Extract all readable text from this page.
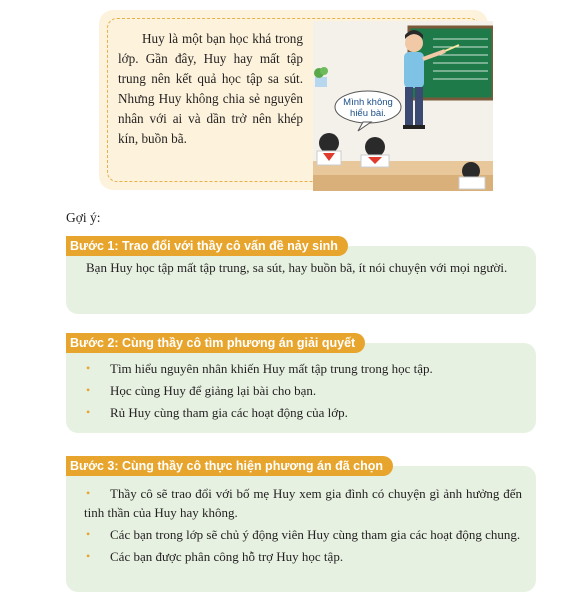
Huy là một bạn học khá trong lớp. Gần đây, Huy hay mất tập trung nên kết quả học tập sa sút. Nhưng Huy không chia sẻ nguyên nhân với ai và dần trở nên khép kín, buồn bã.
Mình không
hiểu bài.
Gợi ý:
Bạn Huy học tập mất tập trung, sa sút, hay buồn bã, ít nói chuyện với mọi người.
Bước 1: Trao đổi với thầy cô vấn đề nảy sinh
• Tìm hiểu nguyên nhân khiến Huy mất tập trung trong học tập.
• Học cùng Huy để giảng lại bài cho bạn.
• Rủ Huy cùng tham gia các hoạt động của lớp.
Bước 2: Cùng thầy cô tìm phương án giải quyết
•	Thầy cô sẽ trao đổi với bố mẹ Huy xem gia đình có chuyện gì ảnh hưởng đến tinh thần của Huy hay không.
•	Các bạn trong lớp sẽ chủ ý động viên Huy cùng tham gia các hoạt động chung.
• Các bạn được phân công hỗ trợ Huy học tập.
Bước 3: Cùng thầy cô thực hiện phương án đã chọn
